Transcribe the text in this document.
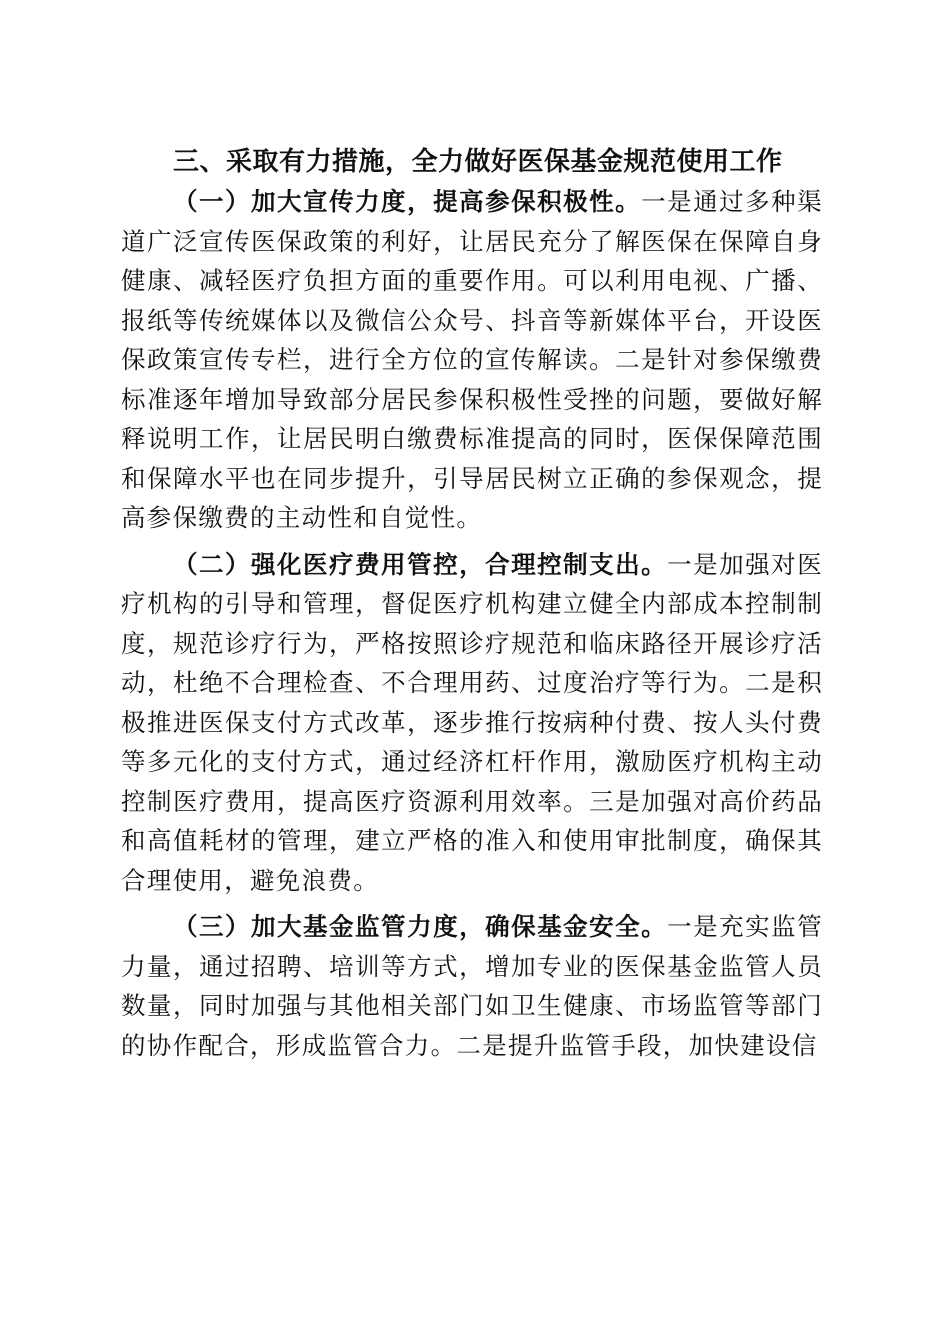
三、采取有力措施，全力做好医保基金规范使用工作

（一）加大宣传力度，提高参保积极性。一是通过多种渠道广泛宣传医保政策的利好，让居民充分了解医保在保障自身健康、减轻医疗负担方面的重要作用。可以利用电视、广播、报纸等传统媒体以及微信公众号、抖音等新媒体平台，开设医保政策宣传专栏，进行全方位的宣传解读。二是针对参保缴费标准逐年增加导致部分居民参保积极性受挫的问题，要做好解释说明工作，让居民明白缴费标准提高的同时，医保保障范围和保障水平也在同步提升，引导居民树立正确的参保观念，提高参保缴费的主动性和自觉性。

（二）强化医疗费用管控，合理控制支出。一是加强对医疗机构的引导和管理，督促医疗机构建立健全内部成本控制制度，规范诊疗行为，严格按照诊疗规范和临床路径开展诊疗活动，杜绝不合理检查、不合理用药、过度治疗等行为。二是积极推进医保支付方式改革，逐步推行按病种付费、按人头付费等多元化的支付方式，通过经济杠杆作用，激励医疗机构主动控制医疗费用，提高医疗资源利用效率。三是加强对高价药品和高值耗材的管理，建立严格的准入和使用审批制度，确保其合理使用，避免浪费。

（三）加大基金监管力度，确保基金安全。一是充实监管力量，通过招聘、培训等方式，增加专业的医保基金监管人员数量，同时加强与其他相关部门如卫生健康、市场监管等部门的协作配合，形成监管合力。二是提升监管手段，加快建设信
